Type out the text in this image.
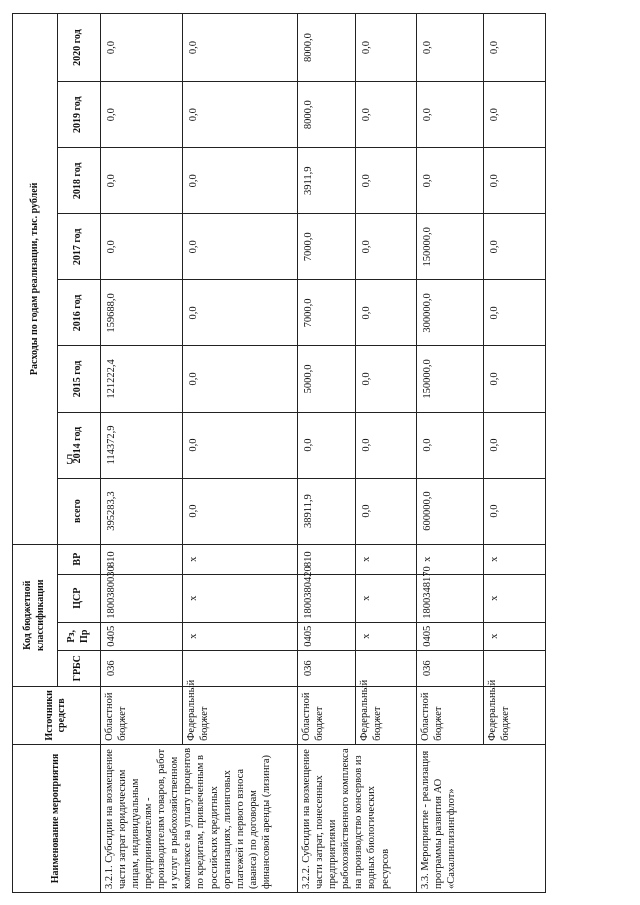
5
Наименование мероприятия	Источники средств	Код бюджетной классификации				Расходы по годам реализации, тыс. рублей							
		ГРБС	Рз, Пр	ЦСР	ВР	всего	2014 год	2015 год	2016 год	2017 год	2018 год	2019 год	2020 год
3.2.1. Субсидии на возмещение части затрат юридическим лицам, индивидуальным предпринимателям - производителям товаров, работ и услуг в рыбохозяйственном комплексе на уплату процентов по кредитам, привлеченным в российских кредитных организациях, лизинговых платежей и первого взноса (аванса) по договорам финансовой аренды (лизинга)	Областной бюджет	036	0405	1800380030	810	395283,3	114372,9	121222,4	159688,0	0,0	0,0	0,0	0,0
	Федеральный бюджет		x	x	x	0,0	0,0	0,0	0,0	0,0	0,0	0,0	0,0
3.2.2. Субсидии на возмещение части затрат, понесенных предприятиями рыбохозяйственного комплекса на производство консервов из водных биологических ресурсов	Областной бюджет	036	0405	1800380420	810	38911,9	0,0	5000,0	7000,0	7000,0	3911,9	8000,0	8000,0
	Федеральный бюджет		x	x	x	0,0	0,0	0,0	0,0	0,0	0,0	0,0	0,0
3.3. Мероприятие - реализация программы развития АО «Сахалинлизингфлот»	Областной бюджет	036	0405	1800348170	x	600000,0	0,0	150000,0	300000,0	150000,0	0,0	0,0	0,0
	Федеральный бюджет		x	x	x	0,0	0,0	0,0	0,0	0,0	0,0	0,0	0,0
